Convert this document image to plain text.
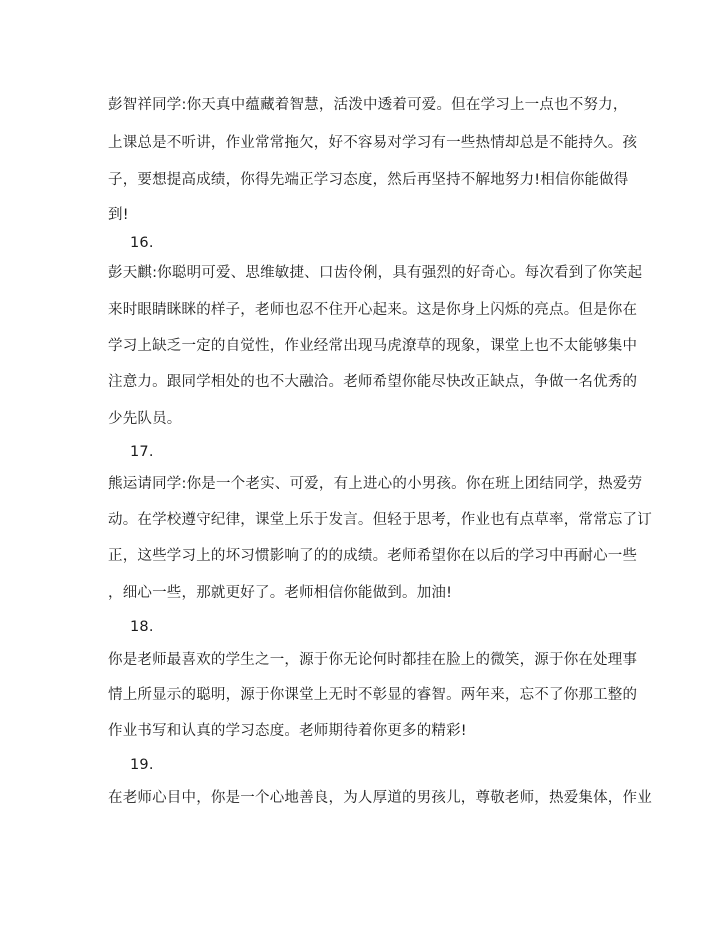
彭智祥同学:你天真中蕴藏着智慧，活泼中透着可爱。但在学习上一点也不努力，
上课总是不听讲，作业常常拖欠，好不容易对学习有一些热情却总是不能持久。孩
子，要想提高成绩，你得先端正学习态度，然后再坚持不解地努力!相信你能做得
到!
16.
彭天麒:你聪明可爱、思维敏捷、口齿伶俐，具有强烈的好奇心。每次看到了你笑起
来时眼睛眯眯的样子，老师也忍不住开心起来。这是你身上闪烁的亮点。但是你在
学习上缺乏一定的自觉性，作业经常出现马虎潦草的现象，课堂上也不太能够集中
注意力。跟同学相处的也不大融洽。老师希望你能尽快改正缺点，争做一名优秀的
少先队员。
17.
熊运请同学:你是一个老实、可爱，有上进心的小男孩。你在班上团结同学，热爱劳
动。在学校遵守纪律，课堂上乐于发言。但轻于思考，作业也有点草率，常常忘了订
正，这些学习上的坏习惯影响了的的成绩。老师希望你在以后的学习中再耐心一些
，细心一些，那就更好了。老师相信你能做到。加油!
18.
你是老师最喜欢的学生之一，源于你无论何时都挂在脸上的微笑，源于你在处理事
情上所显示的聪明，源于你课堂上无时不彰显的睿智。两年来，忘不了你那工整的
作业书写和认真的学习态度。老师期待着你更多的精彩!
19.
在老师心目中，你是一个心地善良，为人厚道的男孩儿，尊敬老师，热爱集体，作业
